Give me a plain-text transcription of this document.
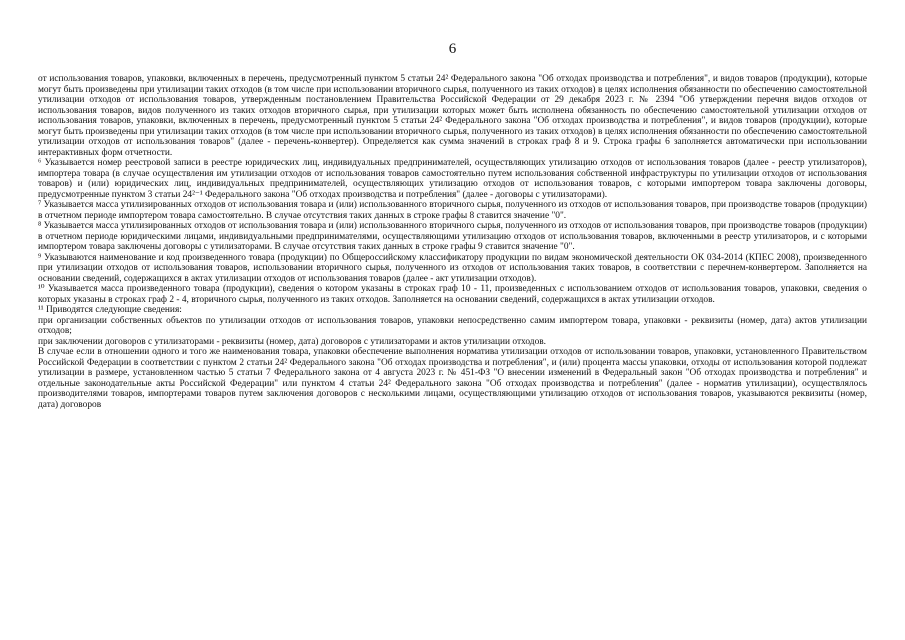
6

от использования товаров, упаковки, включенных в перечень, предусмотренный пунктом 5 статьи 24² Федерального закона "Об отходах производства и потребления", и видов товаров (продукции), которые могут быть произведены при утилизации таких отходов (в том числе при использовании вторичного сырья, полученного из таких отходов) в целях исполнения обязанности по обеспечению самостоятельной утилизации отходов от использования товаров, утвержденным постановлением Правительства Российской Федерации от 29 декабря 2023 г. № 2394 "Об утверждении перечня видов отходов от использования товаров, видов полученного из таких отходов вторичного сырья, при утилизации которых может быть исполнена обязанность по обеспечению самостоятельной утилизации отходов от использования товаров, упаковки, включенных в перечень, предусмотренный пунктом 5 статьи 24² Федерального закона "Об отходах производства и потребления", и видов товаров (продукции), которые могут быть произведены при утилизации таких отходов (в том числе при использовании вторичного сырья, полученного из таких отходов) в целях исполнения обязанности по обеспечению самостоятельной утилизации отходов от использования товаров" (далее - перечень-конвертер). Определяется как сумма значений в строках граф 8 и 9. Строка графы 6 заполняется автоматически при использовании интерактивных форм отчетности.

⁶ Указывается номер реестровой записи в реестре юридических лиц, индивидуальных предпринимателей, осуществляющих утилизацию отходов от использования товаров (далее - реестр утилизаторов), импортера товара (в случае осуществления им утилизации отходов от использования товаров самостоятельно путем использования собственной инфраструктуры по утилизации отходов от использования товаров) и (или) юридических лиц, индивидуальных предпринимателей, осуществляющих утилизацию отходов от использования товаров, с которыми импортером товара заключены договоры, предусмотренные пунктом 3 статьи 24²⁻¹ Федерального закона "Об отходах производства и потребления" (далее - договоры с утилизаторами).

⁷ Указывается масса утилизированных отходов от использования товара и (или) использованного вторичного сырья, полученного из отходов от использования товаров, при производстве товаров (продукции) в отчетном периоде импортером товара самостоятельно. В случае отсутствия таких данных в строке графы 8 ставится значение "0".

⁸ Указывается масса утилизированных отходов от использования товара и (или) использованного вторичного сырья, полученного из отходов от использования товаров, при производстве товаров (продукции) в отчетном периоде юридическими лицами, индивидуальными предпринимателями, осуществляющими утилизацию отходов от использования товаров, включенными в реестр утилизаторов, и с которыми импортером товара заключены договоры с утилизаторами. В случае отсутствия таких данных в строке графы 9 ставится значение "0".

⁹ Указываются наименование и код произведенного товара (продукции) по Общероссийскому классификатору продукции по видам экономической деятельности ОК 034-2014 (КПЕС 2008), произведенного при утилизации отходов от использования товаров, использовании вторичного сырья, полученного из отходов от использования таких товаров, в соответствии с перечнем-конвертером. Заполняется на основании сведений, содержащихся в актах утилизации отходов от использования товаров (далее - акт утилизации отходов).

¹⁰ Указывается масса произведенного товара (продукции), сведения о котором указаны в строках граф 10 - 11, произведенных с использованием отходов от использования товаров, упаковки, сведения о которых указаны в строках граф 2 - 4, вторичного сырья, полученного из таких отходов. Заполняется на основании сведений, содержащихся в актах утилизации отходов.

¹¹ Приводятся следующие сведения:

при организации собственных объектов по утилизации отходов от использования товаров, упаковки непосредственно самим импортером товара, упаковки - реквизиты (номер, дата) актов утилизации отходов;

при заключении договоров с утилизаторами - реквизиты (номер, дата) договоров с утилизаторами и актов утилизации отходов.

В случае если в отношении одного и того же наименования товара, упаковки обеспечение выполнения норматива утилизации отходов от использовании товаров, упаковки, установленного Правительством Российской Федерации в соответствии с пунктом 2 статьи 24² Федерального закона "Об отходах производства и потребления", и (или) процента массы упаковки, отходы от использования которой подлежат утилизации в размере, установленном частью 5 статьи 7 Федерального закона от 4 августа 2023 г. № 451-ФЗ "О внесении изменений в Федеральный закон "Об отходах производства и потребления" и отдельные законодательные акты Российской Федерации" или пунктом 4 статьи 24² Федерального закона "Об отходах производства и потребления" (далее - норматив утилизации), осуществлялось производителями товаров, импортерами товаров путем заключения договоров с несколькими лицами, осуществляющими утилизацию отходов от использования товаров, указываются реквизиты (номер, дата) договоров
